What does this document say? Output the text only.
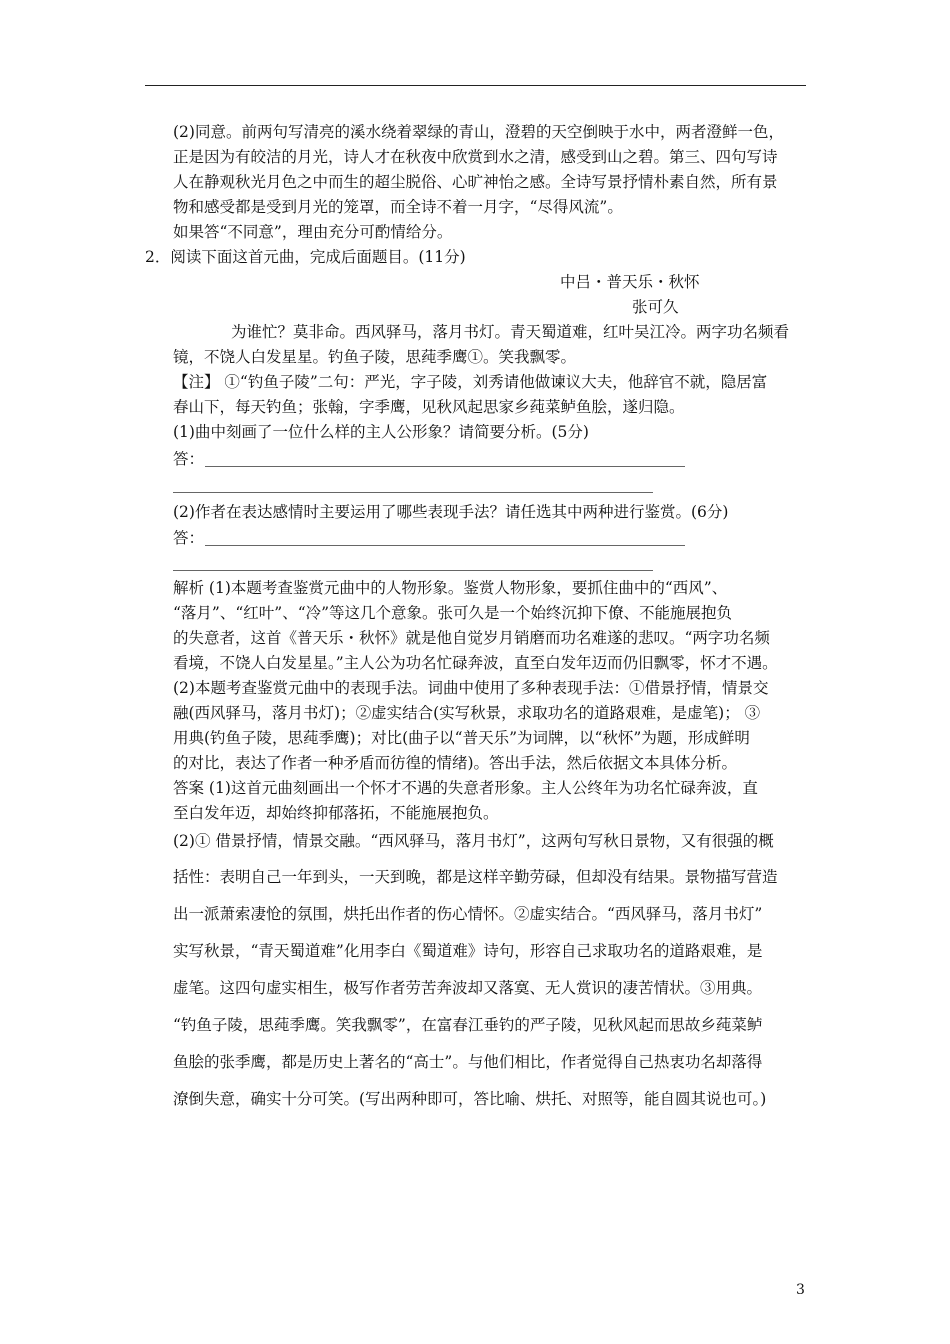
(2)同意。前两句写清亮的溪水绕着翠绿的青山，澄碧的天空倒映于水中，两者澄鲜一色，
正是因为有皎洁的月光，诗人才在秋夜中欣赏到水之清，感受到山之碧。第三、四句写诗
人在静观秋光月色之中而生的超尘脱俗、心旷神怡之感。全诗写景抒情朴素自然，所有景
物和感受都是受到月光的笼罩，而全诗不着一月字，“尽得风流”。
如果答“不同意”，理由充分可酌情给分。
2．阅读下面这首元曲，完成后面题目。(11分)
中吕・普天乐・秋怀
张可久
为谁忙？莫非命。西风驿马，落月书灯。青天蜀道难，红叶吴江冷。两字功名频看
镜，不饶人白发星星。钓鱼子陵，思莼季鹰①。笑我飘零。
【注】 ①“钓鱼子陵”二句：严光，字子陵，刘秀请他做谏议大夫，他辞官不就，隐居富
春山下，每天钓鱼；张翰，字季鹰，见秋风起思家乡莼菜鲈鱼脍，遂归隐。
(1)曲中刻画了一位什么样的主人公形象？请简要分析。(5分)
答：
(2)作者在表达感情时主要运用了哪些表现手法？请任选其中两种进行鉴赏。(6分)
答：
解析 (1)本题考查鉴赏元曲中的人物形象。鉴赏人物形象，要抓住曲中的“西风”、
“落月”、“红叶”、“冷”等这几个意象。张可久是一个始终沉抑下僚、不能施展抱负
的失意者，这首《普天乐・秋怀》就是他自觉岁月销磨而功名难遂的悲叹。“两字功名频
看境，不饶人白发星星。”主人公为功名忙碌奔波，直至白发年迈而仍旧飘零，怀才不遇。
(2)本题考查鉴赏元曲中的表现手法。词曲中使用了多种表现手法：①借景抒情，情景交
融(西风驿马，落月书灯)；②虚实结合(实写秋景，求取功名的道路艰难，是虚笔)； ③
用典(钓鱼子陵，思莼季鹰)；对比(曲子以“普天乐”为词牌，以“秋怀”为题，形成鲜明
的对比，表达了作者一种矛盾而彷徨的情绪)。答出手法，然后依据文本具体分析。
答案 (1)这首元曲刻画出一个怀才不遇的失意者形象。主人公终年为功名忙碌奔波，直
至白发年迈，却始终抑郁落拓，不能施展抱负。
(2)① 借景抒情，情景交融。“西风驿马，落月书灯”，这两句写秋日景物，又有很强的概
括性：表明自己一年到头，一天到晚，都是这样辛勤劳碌，但却没有结果。景物描写营造
出一派萧索凄怆的氛围，烘托出作者的伤心情怀。②虚实结合。“西风驿马，落月书灯”
实写秋景，“青天蜀道难”化用李白《蜀道难》诗句，形容自己求取功名的道路艰难，是
虚笔。这四句虚实相生，极写作者劳苦奔波却又落寞、无人赏识的凄苦情状。③用典。
“钓鱼子陵，思莼季鹰。笑我飘零”，在富春江垂钓的严子陵，见秋风起而思故乡莼菜鲈
鱼脍的张季鹰，都是历史上著名的“高士”。与他们相比，作者觉得自己热衷功名却落得
潦倒失意，确实十分可笑。(写出两种即可，答比喻、烘托、对照等，能自圆其说也可。)
3
